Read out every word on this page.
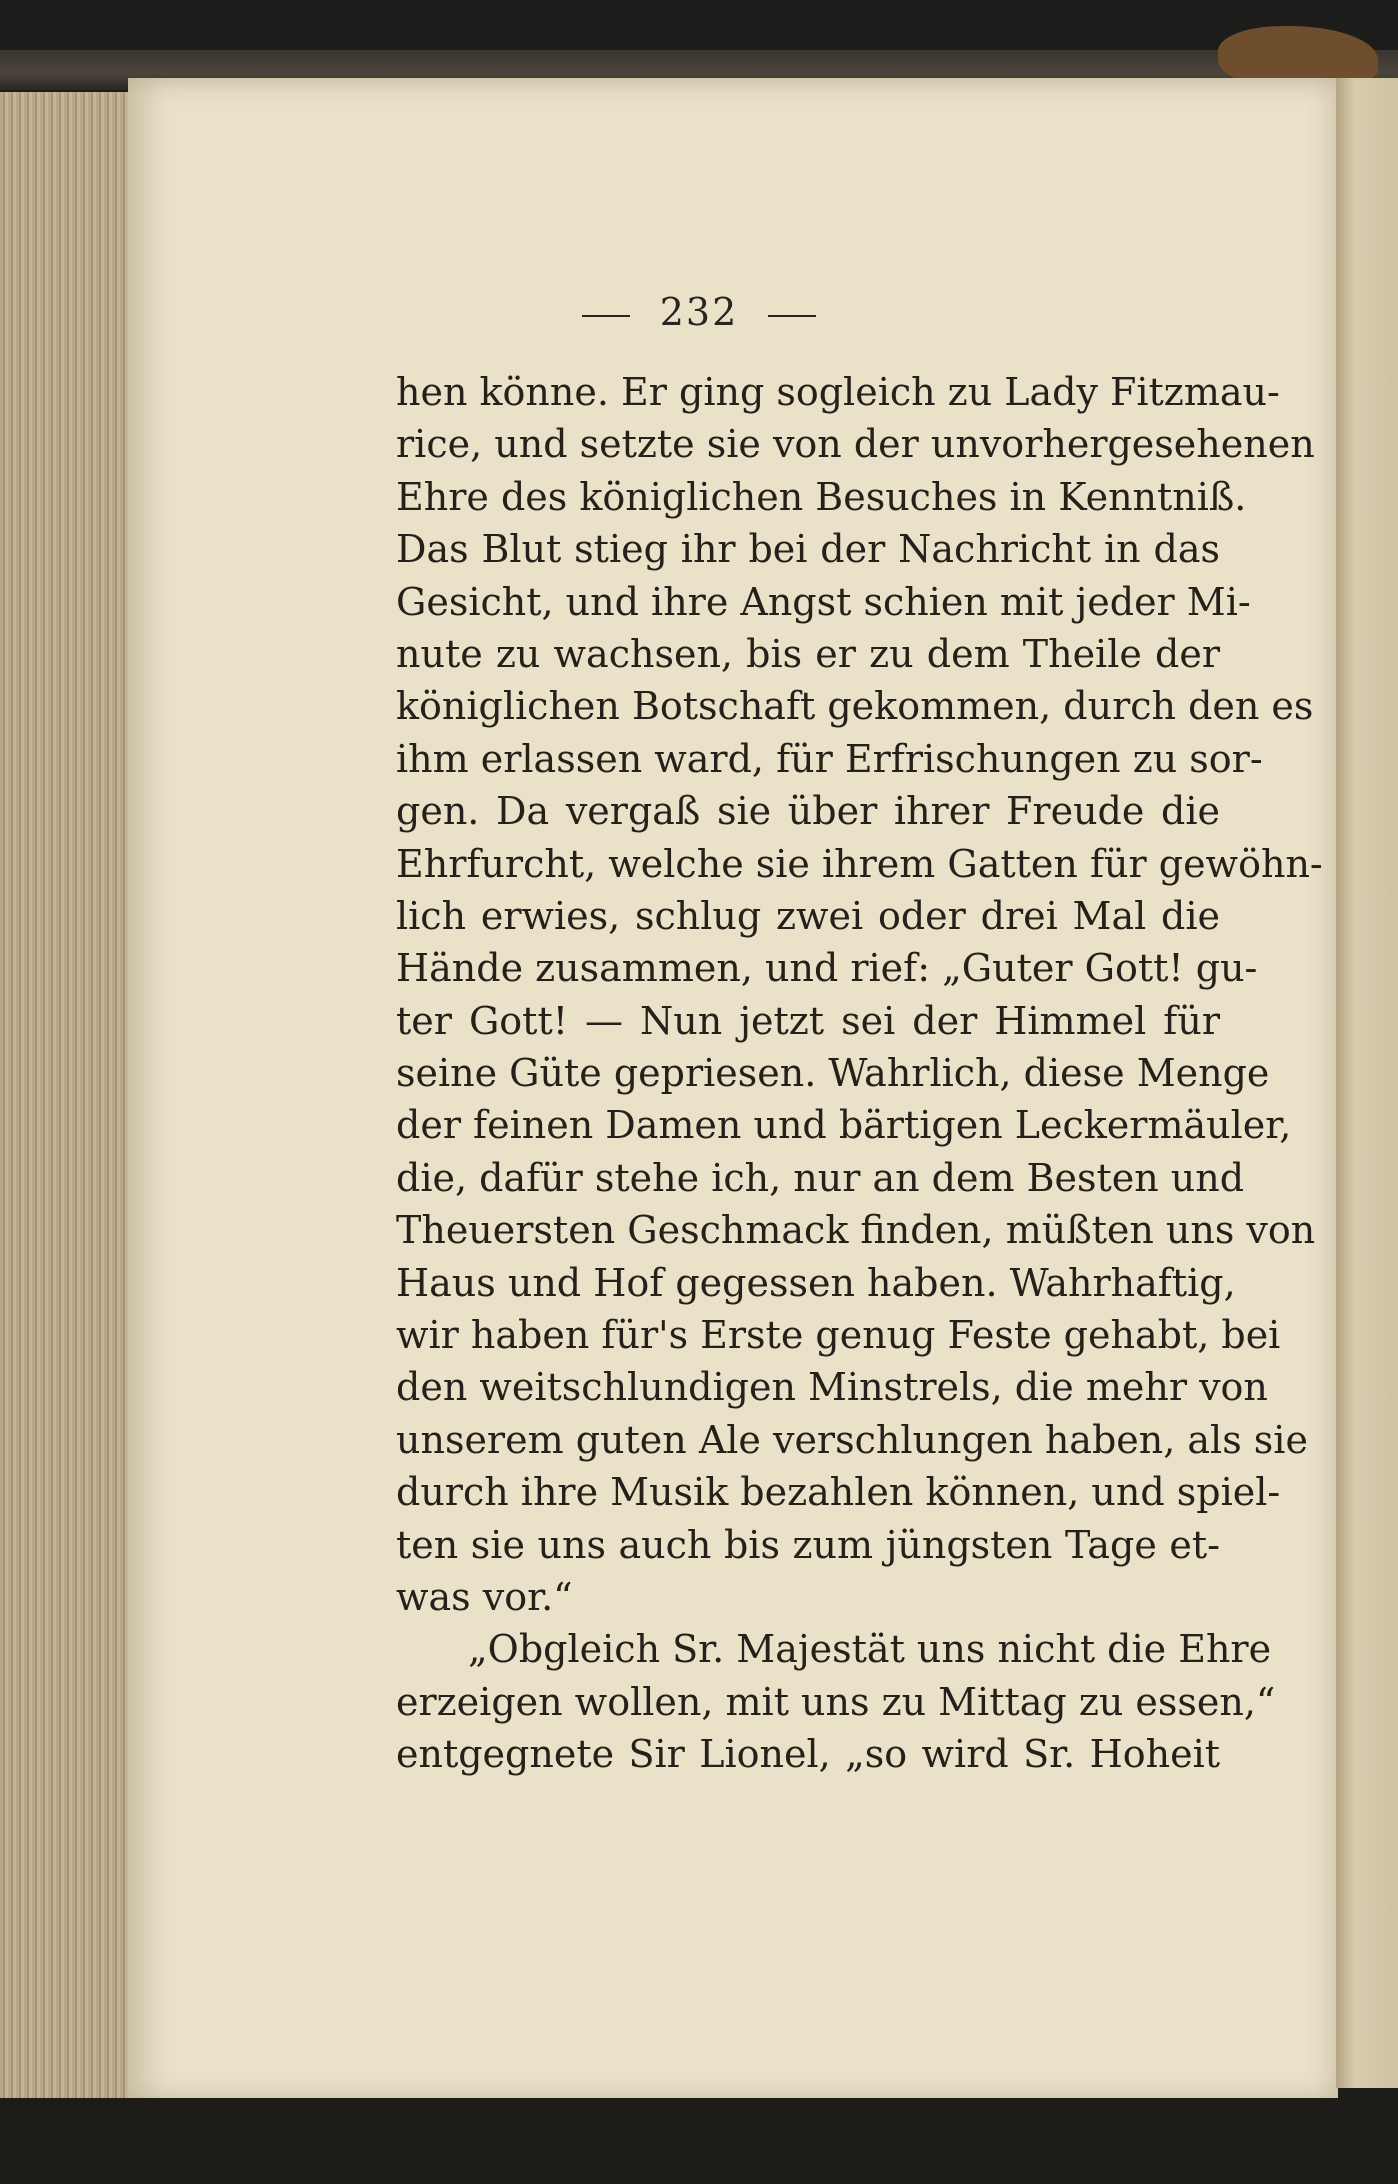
232
hen könne. Er ging sogleich zu Lady Fitzmau-
rice, und setzte sie von der unvorhergesehenen
Ehre des königlichen Besuches in Kenntniß.
Das Blut stieg ihr bei der Nachricht in das
Gesicht, und ihre Angst schien mit jeder Mi-
nute zu wachsen, bis er zu dem Theile der
königlichen Botschaft gekommen, durch den es
ihm erlassen ward, für Erfrischungen zu sor-
gen. Da vergaß sie über ihrer Freude die
Ehrfurcht, welche sie ihrem Gatten für gewöhn-
lich erwies, schlug zwei oder drei Mal die
Hände zusammen, und rief: „Guter Gott! gu-
ter Gott! — Nun jetzt sei der Himmel für
seine Güte gepriesen. Wahrlich, diese Menge
der feinen Damen und bärtigen Leckermäuler,
die, dafür stehe ich, nur an dem Besten und
Theuersten Geschmack finden, müßten uns von
Haus und Hof gegessen haben. Wahrhaftig,
wir haben für's Erste genug Feste gehabt, bei
den weitschlundigen Minstrels, die mehr von
unserem guten Ale verschlungen haben, als sie
durch ihre Musik bezahlen können, und spiel-
ten sie uns auch bis zum jüngsten Tage et-
was vor.“
„Obgleich Sr. Majestät uns nicht die Ehre
erzeigen wollen, mit uns zu Mittag zu essen,“
entgegnete Sir Lionel, „so wird Sr. Hoheit
